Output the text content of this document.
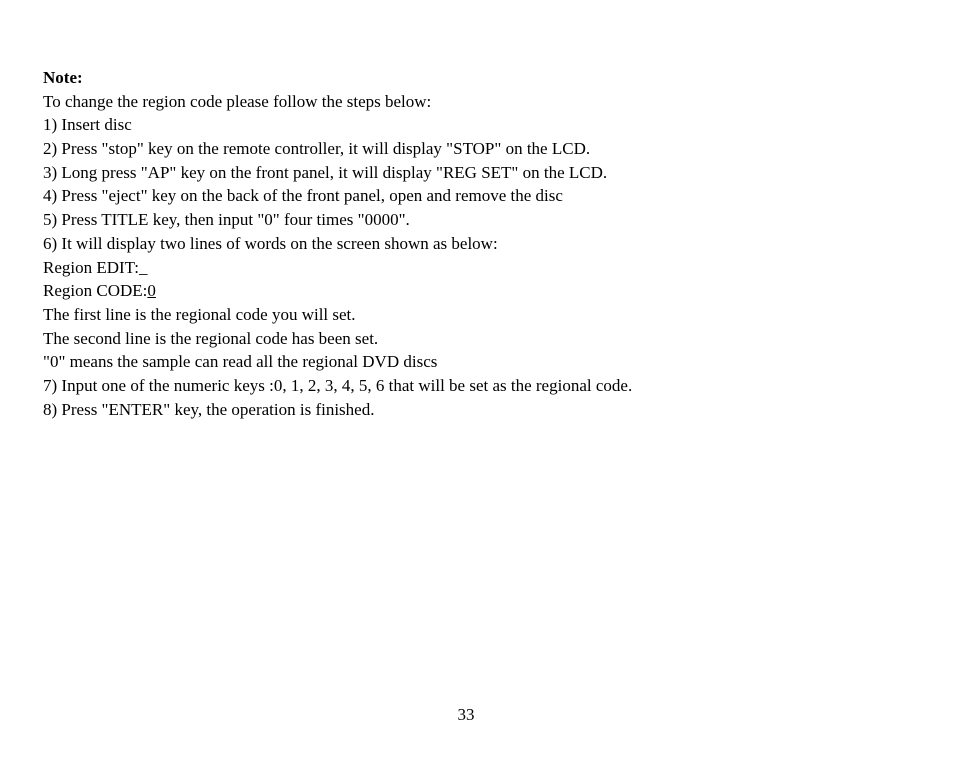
Note:
To change the region code please follow the steps below:
1) Insert disc
2) Press "stop" key on the remote controller, it will display "STOP" on the LCD.
3) Long press "AP" key on the front panel, it will display "REG SET" on the LCD.
4) Press "eject" key on the back of the front panel, open and remove the disc
5) Press TITLE key, then input "0" four times "0000".
6) It will display two lines of words on the screen shown as below:
Region EDIT:_
Region CODE:0
The first line is the regional code you will set.
The second line is the regional code has been set.
"0" means the sample can read all the regional DVD discs
7) Input one of the numeric keys :0, 1, 2, 3, 4, 5, 6 that will be set as the regional code.
8) Press "ENTER" key, the operation is finished.
33
